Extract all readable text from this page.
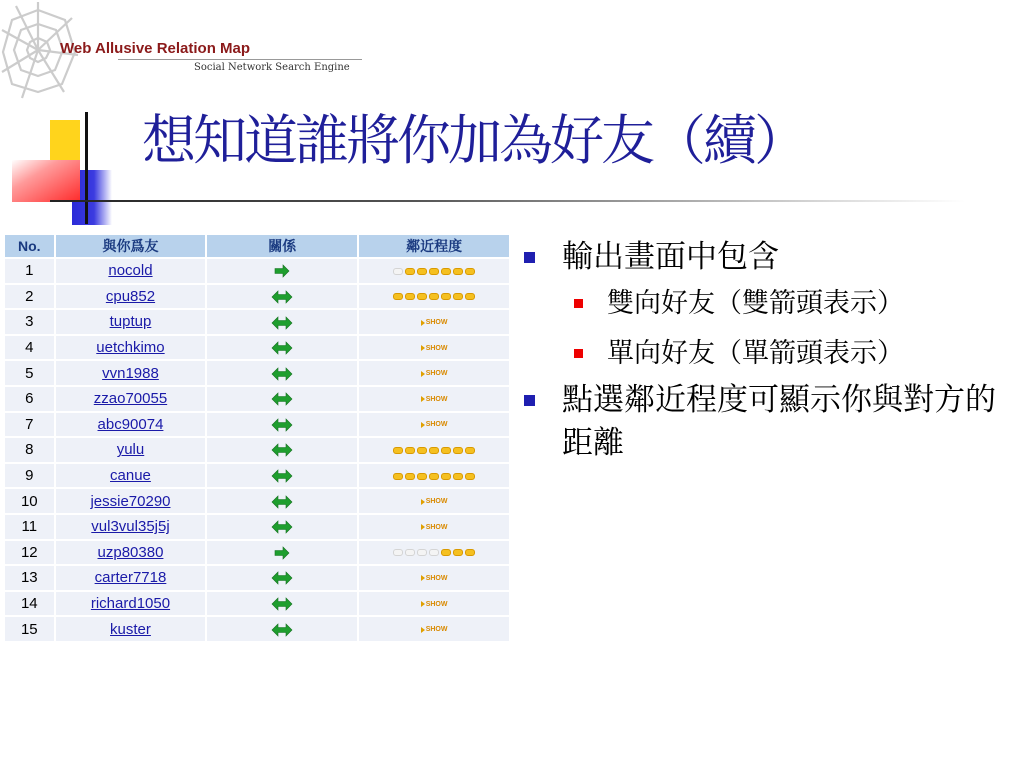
Web Allusive Relation Map
Social Network Search Engine
想知道誰將你加為好友（續）
No.	與你爲友	關係	鄰近程度
1	nocold		

2	cpu852		

3	tuptup		SHOW

4	uetchkimo		SHOW

5	vvn1988		SHOW

6	zzao70055		SHOW

7	abc90074		SHOW

8	yulu		

9	canue		

10	jessie70290		SHOW

11	vul3vul35j5j		SHOW

12	uzp80380		

13	carter7718		SHOW

14	richard1050		SHOW

15	kuster		SHOW
輸出畫面中包含
雙向好友（雙箭頭表示）
單向好友（單箭頭表示）
點選鄰近程度可顯示你與對方的距離
